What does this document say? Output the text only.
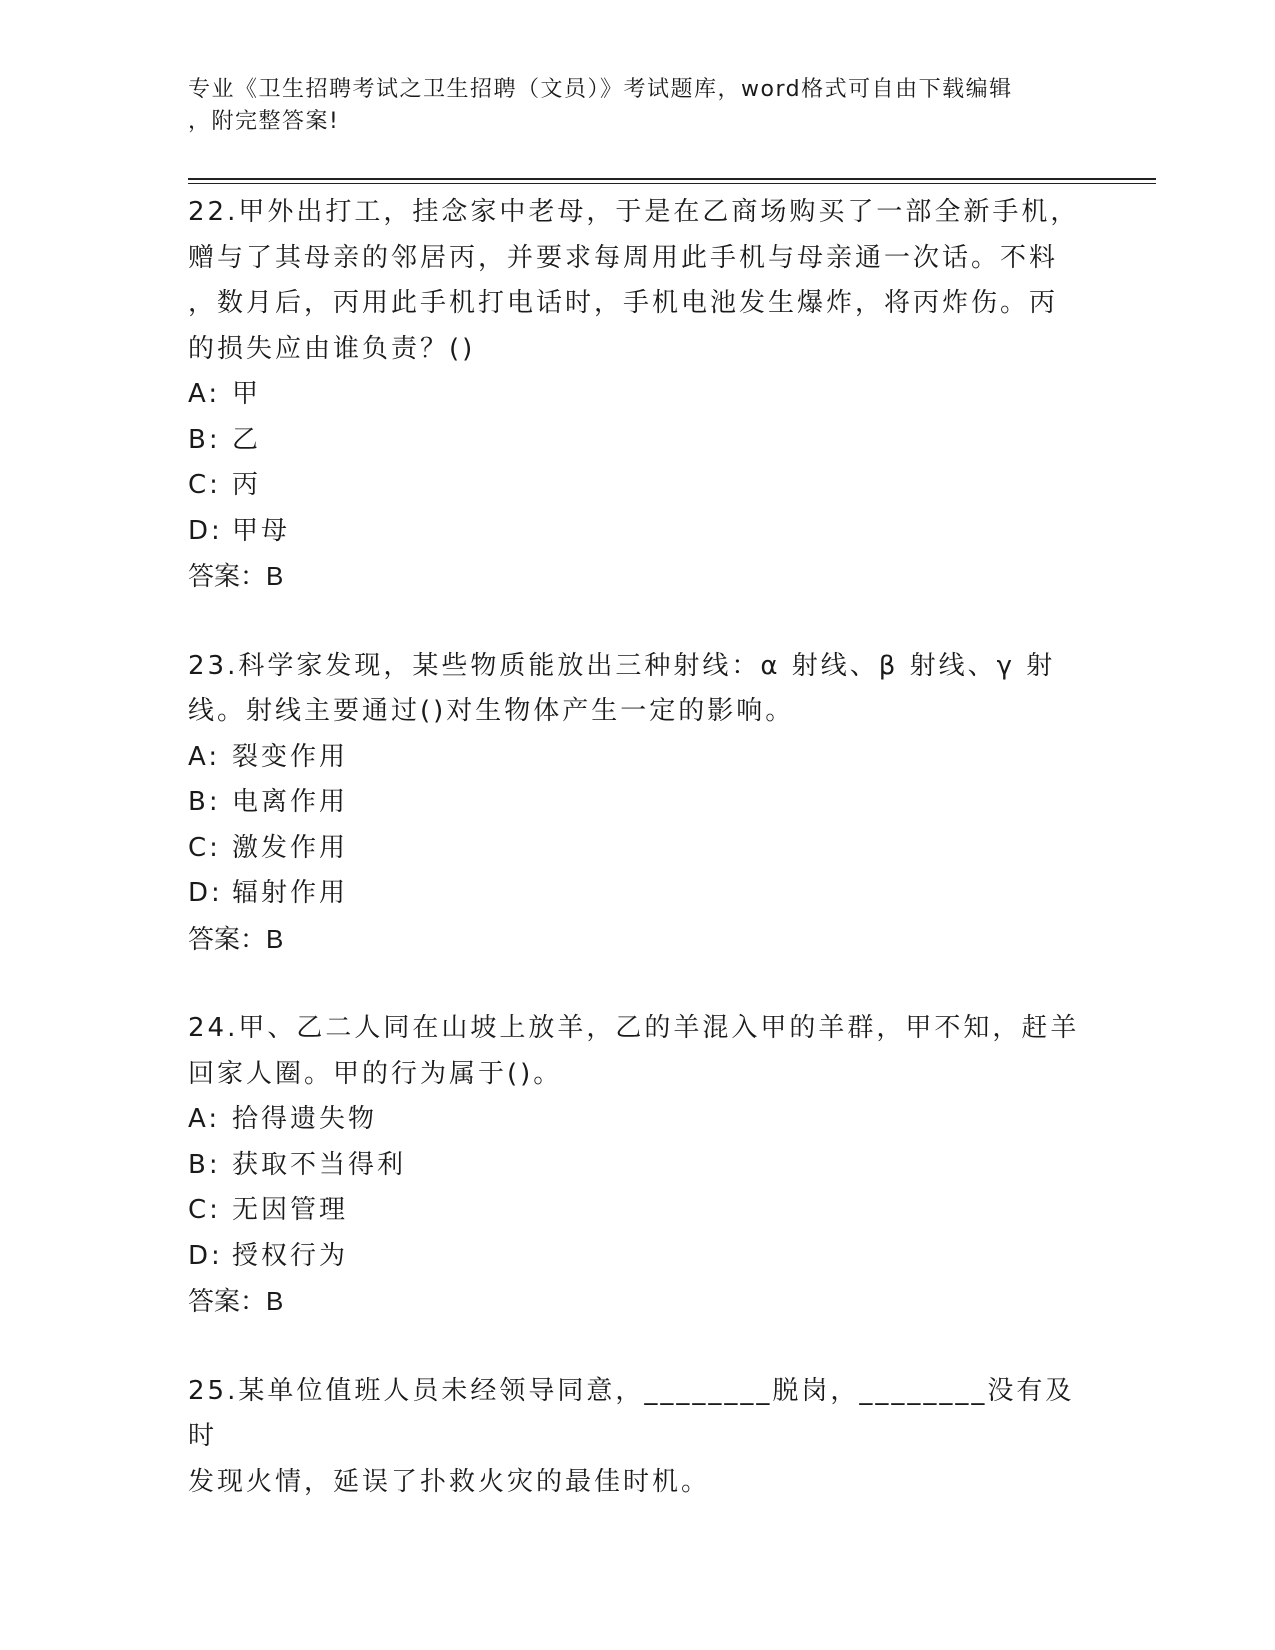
专业《卫生招聘考试之卫生招聘（文员）》考试题库，word格式可自由下载编辑
，附完整答案!

22.甲外出打工，挂念家中老母，于是在乙商场购买了一部全新手机，

赠与了其母亲的邻居丙，并要求每周用此手机与母亲通一次话。不料

，数月后，丙用此手机打电话时，手机电池发生爆炸，将丙炸伤。丙

的损失应由谁负责？()

A: 甲

B: 乙

C: 丙

D: 甲母

答案：B

23.科学家发现，某些物质能放出三种射线：α 射线、β 射线、γ 射

线。射线主要通过()对生物体产生一定的影响。

A: 裂变作用

B: 电离作用

C: 激发作用

D: 辐射作用

答案：B

24.甲、乙二人同在山坡上放羊，乙的羊混入甲的羊群，甲不知，赶羊

回家人圈。甲的行为属于()。

A: 拾得遗失物

B: 获取不当得利

C: 无因管理

D: 授权行为

答案：B

25.某单位值班人员未经领导同意，________脱岗，________没有及时

发现火情，延误了扑救火灾的最佳时机。
